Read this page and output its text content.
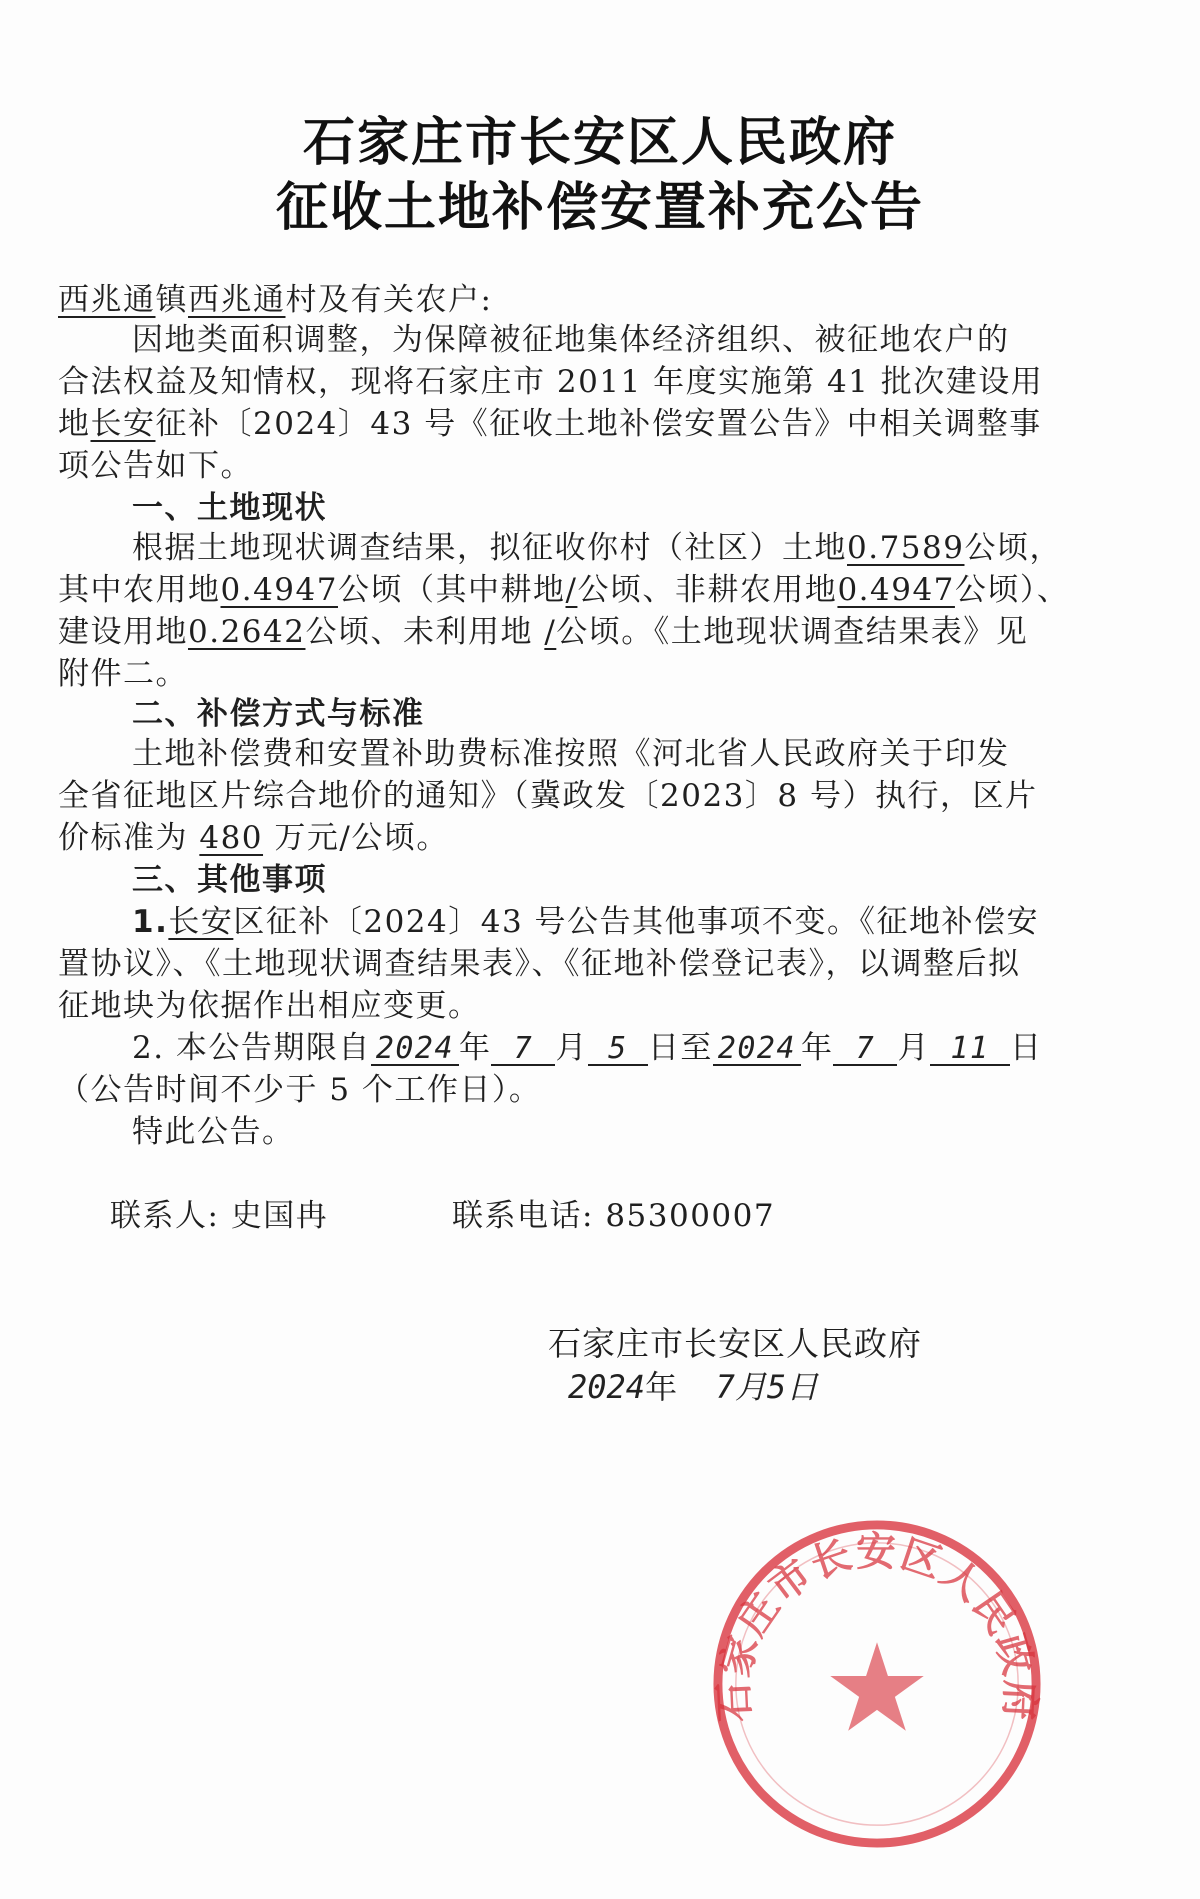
石家庄市长安区人民政府
征收土地补偿安置补充公告
西兆通镇西兆通村及有关农户:
因地类面积调整，为保障被征地集体经济组织、被征地农户的
合法权益及知情权，现将石家庄市 2011 年度实施第 41 批次建设用
地长安征补〔2024〕43 号《征收土地补偿安置公告》中相关调整事
项公告如下。
一、土地现状
根据土地现状调查结果，拟征收你村（社区）土地0.7589公顷，
其中农用地0.4947公顷（其中耕地/公顷、非耕农用地0.4947公顷）、
建设用地0.2642公顷、未利用地 /公顷。《土地现状调查结果表》见
附件二。
二、补偿方式与标准
土地补偿费和安置补助费标准按照《河北省人民政府关于印发
全省征地区片综合地价的通知》（冀政发〔2023〕8 号）执行，区片
价标准为 480 万元/公顷。
三、其他事项
1.长安区征补〔2024〕43 号公告其他事项不变。《征地补偿安
置协议》、《土地现状调查结果表》、《征地补偿登记表》，以调整后拟
征地块为依据作出相应变更。
2. 本公告期限自 2024 年 7 月 5 日至 2024 年 7 月 11 日
（公告时间不少于 5 个工作日）。
特此公告。
联系人: 史国冉	联系电话: 85300007
石家庄市长安区人民政府
石家庄市长安区人民政府
2024年 7月5日
